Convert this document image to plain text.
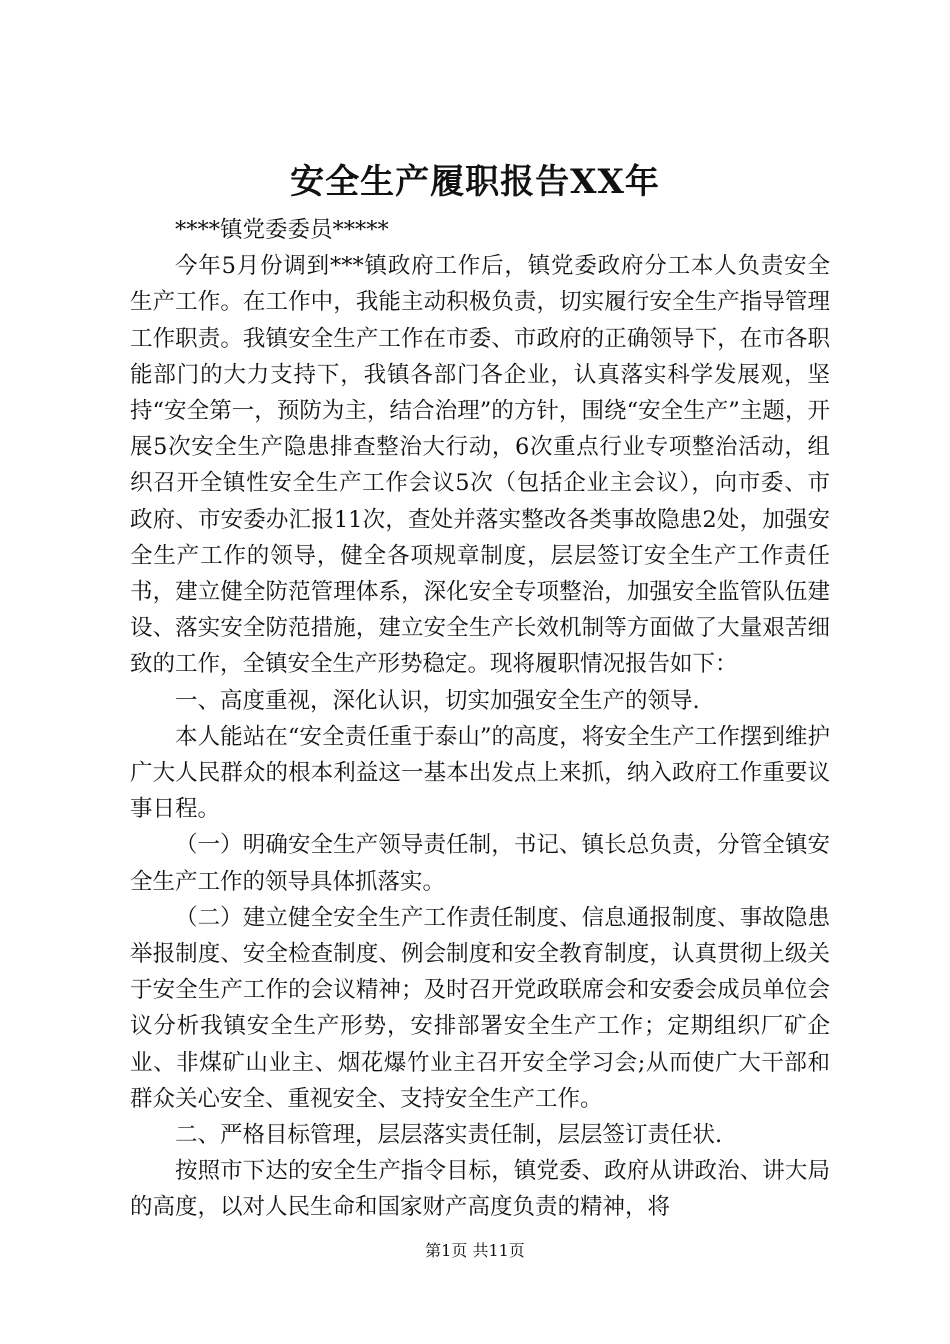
安全生产履职报告XX年

****镇党委委员*****

今年5月份调到***镇政府工作后，镇党委政府分工本人负责安全生产工作。在工作中，我能主动积极负责，切实履行安全生产指导管理工作职责。我镇安全生产工作在市委、市政府的正确领导下，在市各职能部门的大力支持下，我镇各部门各企业，认真落实科学发展观，坚持“安全第一，预防为主，结合治理”的方针，围绕“安全生产”主题，开展5次安全生产隐患排查整治大行动，6次重点行业专项整治活动，组织召开全镇性安全生产工作会议5次（包括企业主会议），向市委、市政府、市安委办汇报11次，查处并落实整改各类事故隐患2处，加强安全生产工作的领导，健全各项规章制度，层层签订安全生产工作责任书，建立健全防范管理体系，深化安全专项整治，加强安全监管队伍建设、落实安全防范措施，建立安全生产长效机制等方面做了大量艰苦细致的工作，全镇安全生产形势稳定。现将履职情况报告如下：

一、高度重视，深化认识，切实加强安全生产的领导.

本人能站在“安全责任重于泰山”的高度，将安全生产工作摆到维护广大人民群众的根本利益这一基本出发点上来抓，纳入政府工作重要议事日程。

（一）明确安全生产领导责任制，书记、镇长总负责，分管全镇安全生产工作的领导具体抓落实。

（二）建立健全安全生产工作责任制度、信息通报制度、事故隐患举报制度、安全检查制度、例会制度和安全教育制度，认真贯彻上级关于安全生产工作的会议精神；及时召开党政联席会和安委会成员单位会议分析我镇安全生产形势，安排部署安全生产工作；定期组织厂矿企业、非煤矿山业主、烟花爆竹业主召开安全学习会;从而使广大干部和群众关心安全、重视安全、支持安全生产工作。

二、严格目标管理，层层落实责任制，层层签订责任状.

按照市下达的安全生产指令目标，镇党委、政府从讲政治、讲大局的高度，以对人民生命和国家财产高度负责的精神，将

第1页 共11页
